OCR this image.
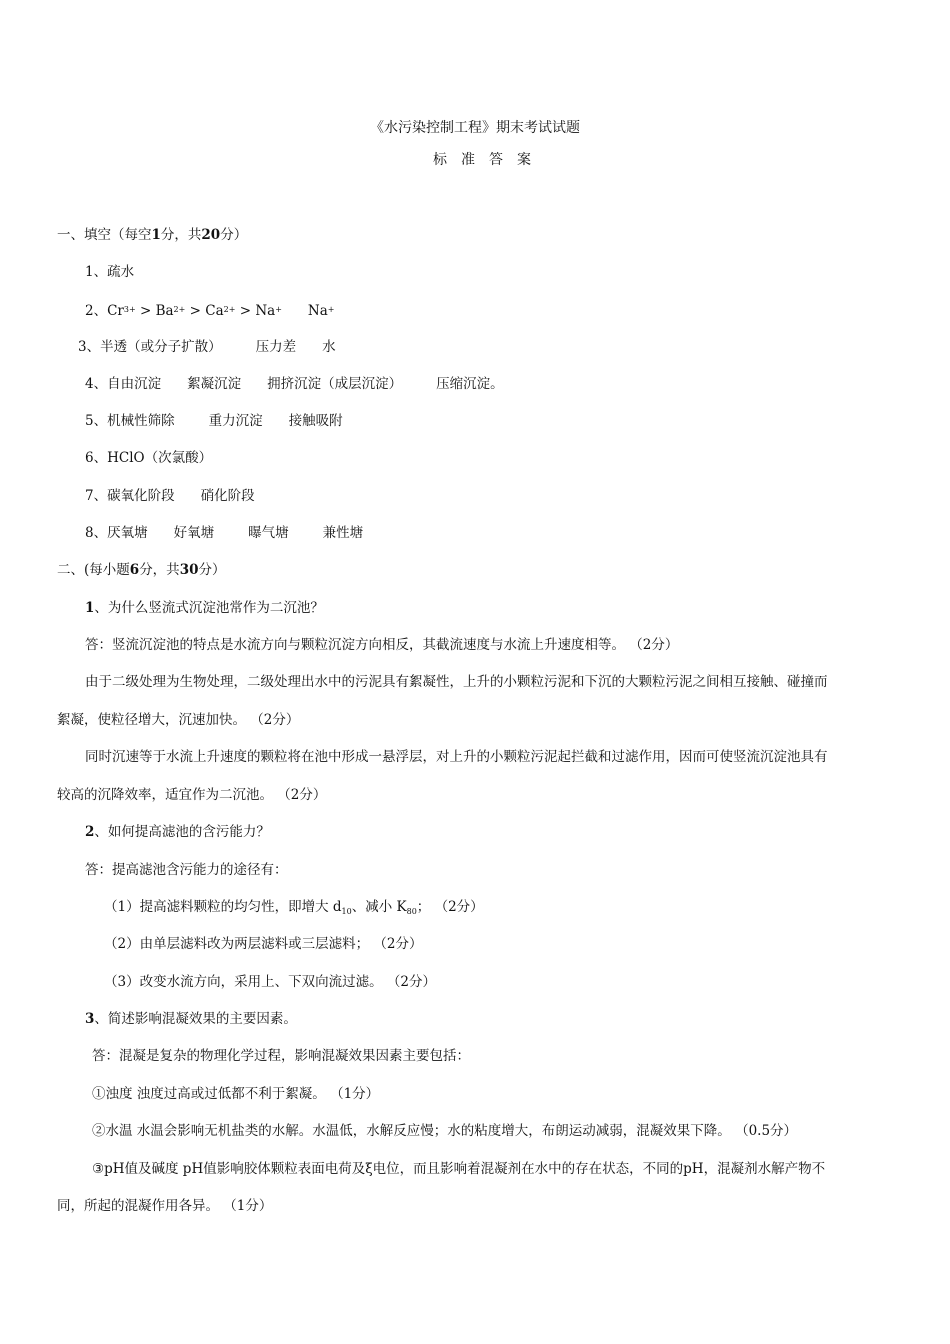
《水污染控制工程》期末考试试题
标准答案
一、填空（每空1分，共20分）
1、疏水
2、$Cr^{3+} > Ba^{2+} > Ca^{2+} > Na^+$ Na+
3、半透（或分子扩散）	压力差 水
4、自由沉淀 絮凝沉淀 拥挤沉淀（成层沉淀）	压缩沉淀。
5、机械性筛除	重力沉淀 接触吸附
6、HClO（次氯酸）
7、碳氧化阶段 硝化阶段
8、厌氧塘 好氧塘	曝气塘	兼性塘
二、(每小题6分，共30分）
1、为什么竖流式沉淀池常作为二沉池？
答：竖流沉淀池的特点是水流方向与颗粒沉淀方向相反，其截流速度与水流上升速度相等。 （2分）
由于二级处理为生物处理，二级处理出水中的污泥具有絮凝性，上升的小颗粒污泥和下沉的大颗粒污泥之间相互接触、碰撞而
絮凝，使粒径增大，沉速加快。 （2分）
同时沉速等于水流上升速度的颗粒将在池中形成一悬浮层，对上升的小颗粒污泥起拦截和过滤作用，因而可使竖流沉淀池具有
较高的沉降效率，适宜作为二沉池。 （2分）
2、如何提高滤池的含污能力？
答：提高滤池含污能力的途径有：
（1）提高滤料颗粒的均匀性，即增大 $d_{10}$、减小 $K_{80}$； （2分）
（2）由单层滤料改为两层滤料或三层滤料； （2分）
（3）改变水流方向，采用上、下双向流过滤。 （2分）
3、简述影响混凝效果的主要因素。
答：混凝是复杂的物理化学过程，影响混凝效果因素主要包括：
①浊度 浊度过高或过低都不利于絮凝。 （1分）
②水温 水温会影响无机盐类的水解。水温低，水解反应慢；水的粘度增大，布朗运动减弱，混凝效果下降。 （0.5分）
③pH值及碱度 pH值影响胶体颗粒表面电荷及ξ电位，而且影响着混凝剂在水中的存在状态，不同的pH，混凝剂水解产物不
同，所起的混凝作用各异。 （1分）
